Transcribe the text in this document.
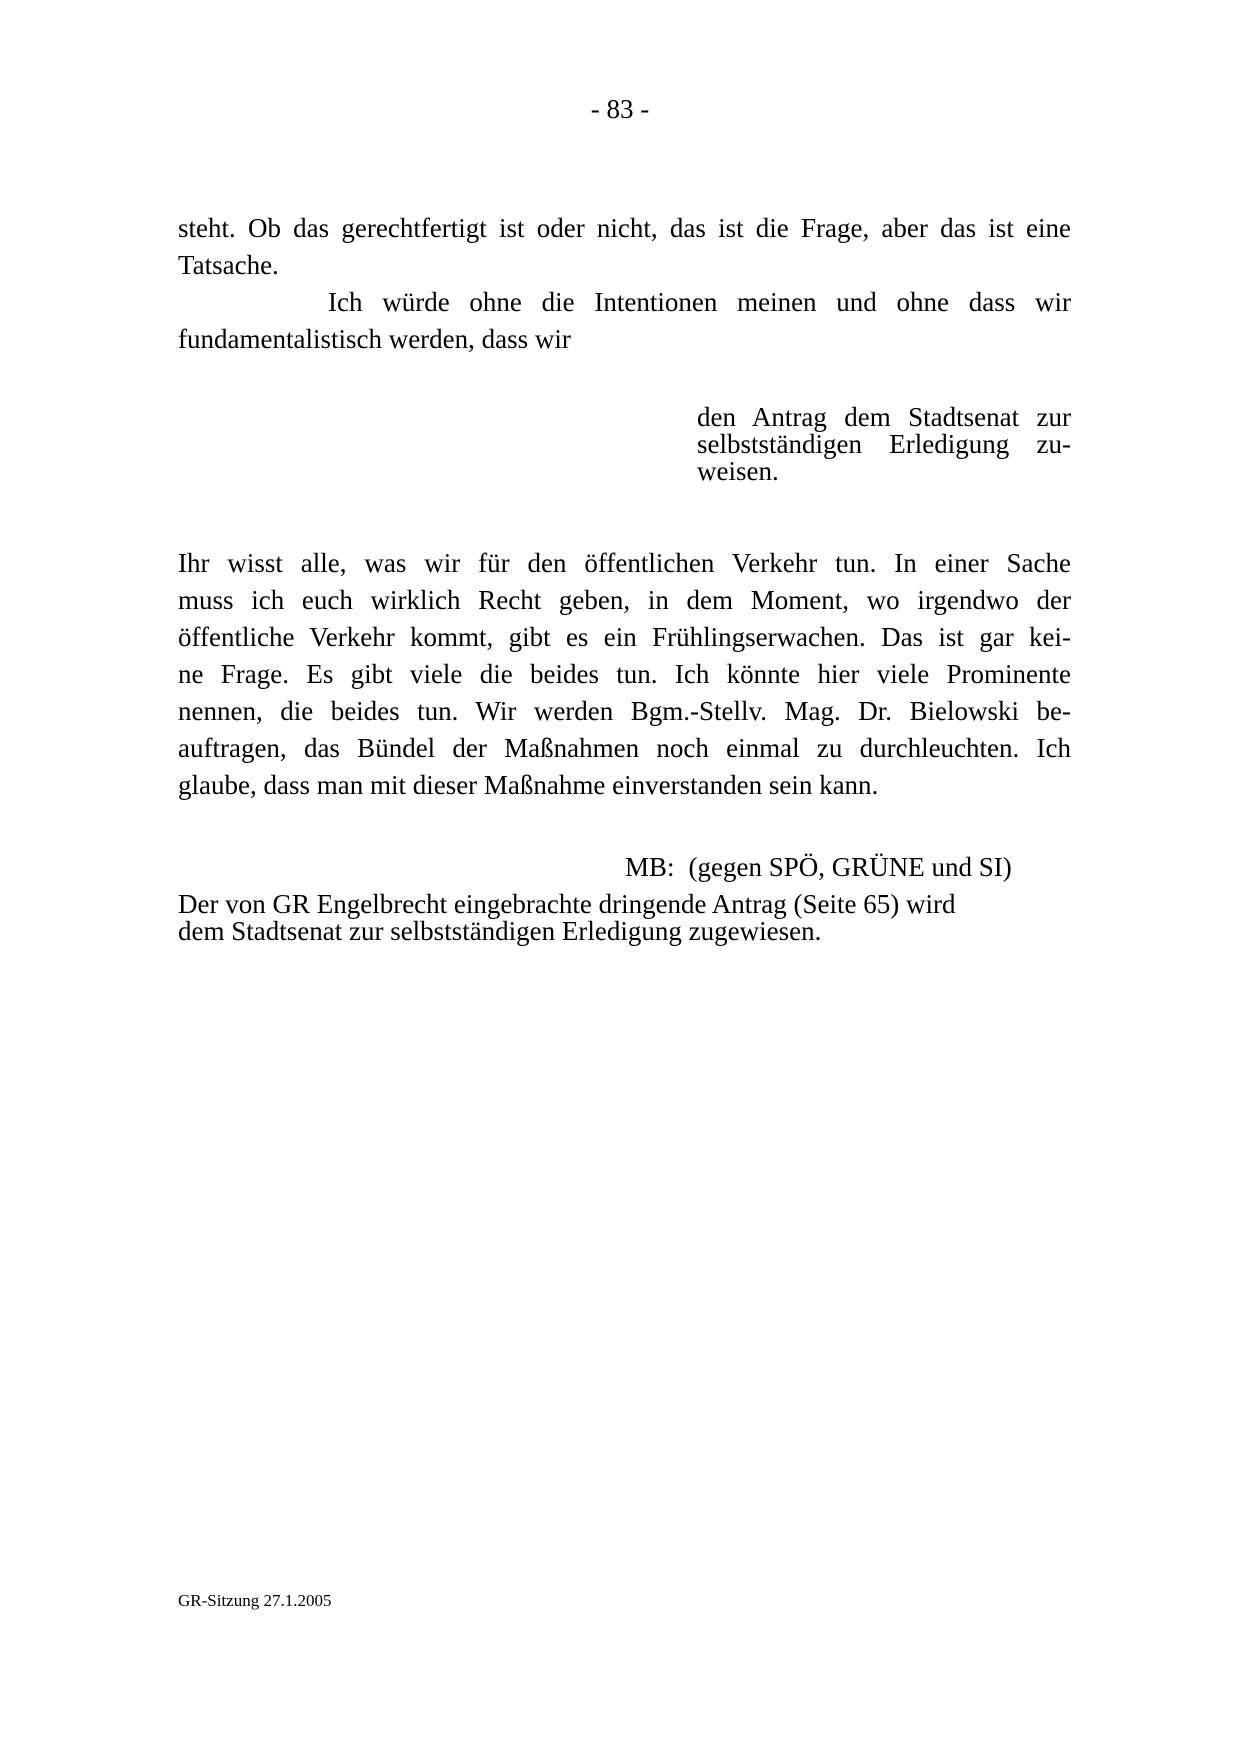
- 83 -
steht. Ob das gerechtfertigt ist oder nicht, das ist die Frage, aber das ist eine
Tatsache.
Ich würde ohne die Intentionen meinen und ohne dass wir
fundamentalistisch werden, dass wir
den Antrag dem Stadtsenat zur
selbstständigen Erledigung zu-
weisen.
Ihr wisst alle, was wir für den öffentlichen Verkehr tun. In einer Sache
muss ich euch wirklich Recht geben, in dem Moment, wo irgendwo der
öffentliche Verkehr kommt, gibt es ein Frühlingserwachen. Das ist gar kei-
ne Frage. Es gibt viele die beides tun. Ich könnte hier viele Prominente
nennen, die beides tun. Wir werden Bgm.-Stellv. Mag. Dr. Bielowski be-
auftragen, das Bündel der Maßnahmen noch einmal zu durchleuchten. Ich
glaube, dass man mit dieser Maßnahme einverstanden sein kann.
MB: (gegen SPÖ, GRÜNE und SI)
Der von GR Engelbrecht eingebrachte dringende Antrag (Seite 65) wird
dem Stadtsenat zur selbstständigen Erledigung zugewiesen.
GR-Sitzung 27.1.2005
